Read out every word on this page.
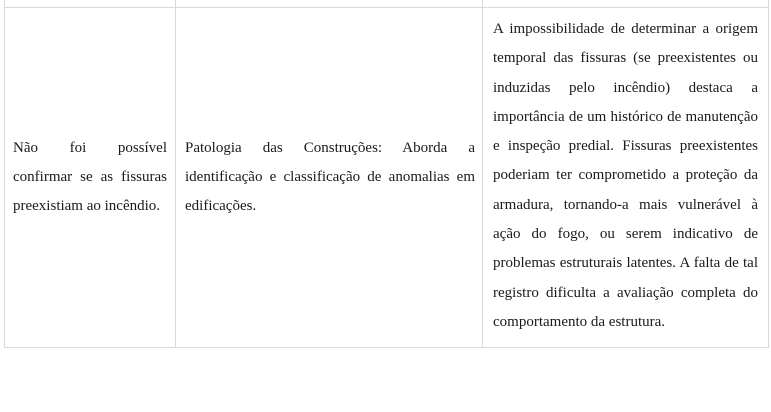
Não foi possível confirmar se as fissuras preexistiam ao incêndio.	Patologia das Construções: Aborda a identificação e classificação de anomalias em edificações.	A impossibilidade de determinar a origem temporal das fissuras (se preexistentes ou induzidas pelo incêndio) destaca a importância de um histórico de manutenção e inspeção predial. Fissuras preexistentes poderiam ter comprometido a proteção da armadura, tornando-a mais vulnerável à ação do fogo, ou serem indicativo de problemas estruturais latentes. A falta de tal registro dificulta a avaliação completa do comportamento da estrutura.
